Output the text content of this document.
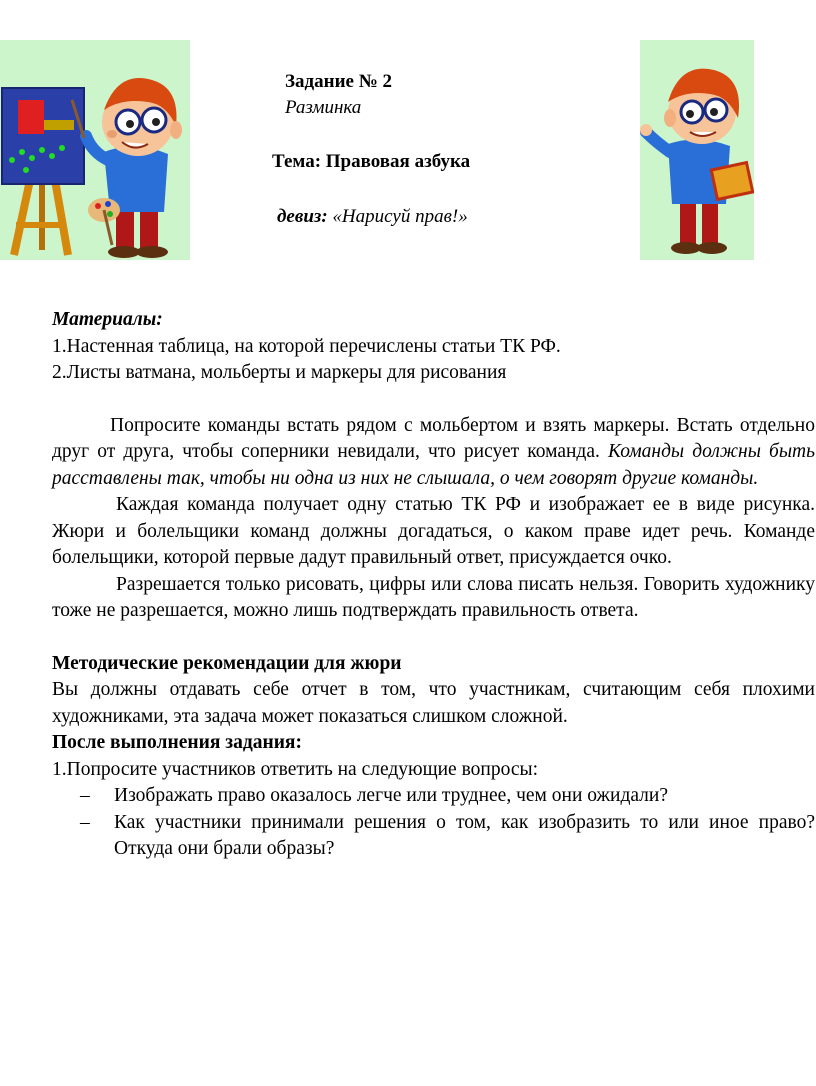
Задание № 2
Разминка
Тема: Правовая азбука
девиз: «Нарисуй прав!»

Материалы:

1.Настенная таблица, на которой перечислены статьи ТК РФ.

2.Листы ватмана, мольберты и маркеры для рисования

Попросите команды встать рядом с мольбертом и взять маркеры. Встать отдельно друг от друга, чтобы соперники невидали, что рисует команда. Команды должны быть расставлены так, чтобы ни одна из них не слышала, о чем говорят другие команды.

Каждая команда получает одну статью ТК РФ и изображает ее в виде рисунка. Жюри и болельщики команд должны догадаться, о каком праве идет речь. Команде болельщики, которой первые дадут правильный ответ, присуждается очко.

Разрешается только рисовать, цифры или слова писать нельзя. Говорить художнику тоже не разрешается, можно лишь подтверждать правильность ответа.

Методические рекомендации для жюри

Вы должны отдавать себе отчет в том, что участникам, считающим себя плохими художниками, эта задача может показаться слишком сложной.

После выполнения задания:

1.Попросите участников ответить на следующие вопросы:

– Изображать право оказалось легче или труднее, чем они ожидали?
– Как участники принимали решения о том, как изобразить то или иное право? Откуда они брали образы?
